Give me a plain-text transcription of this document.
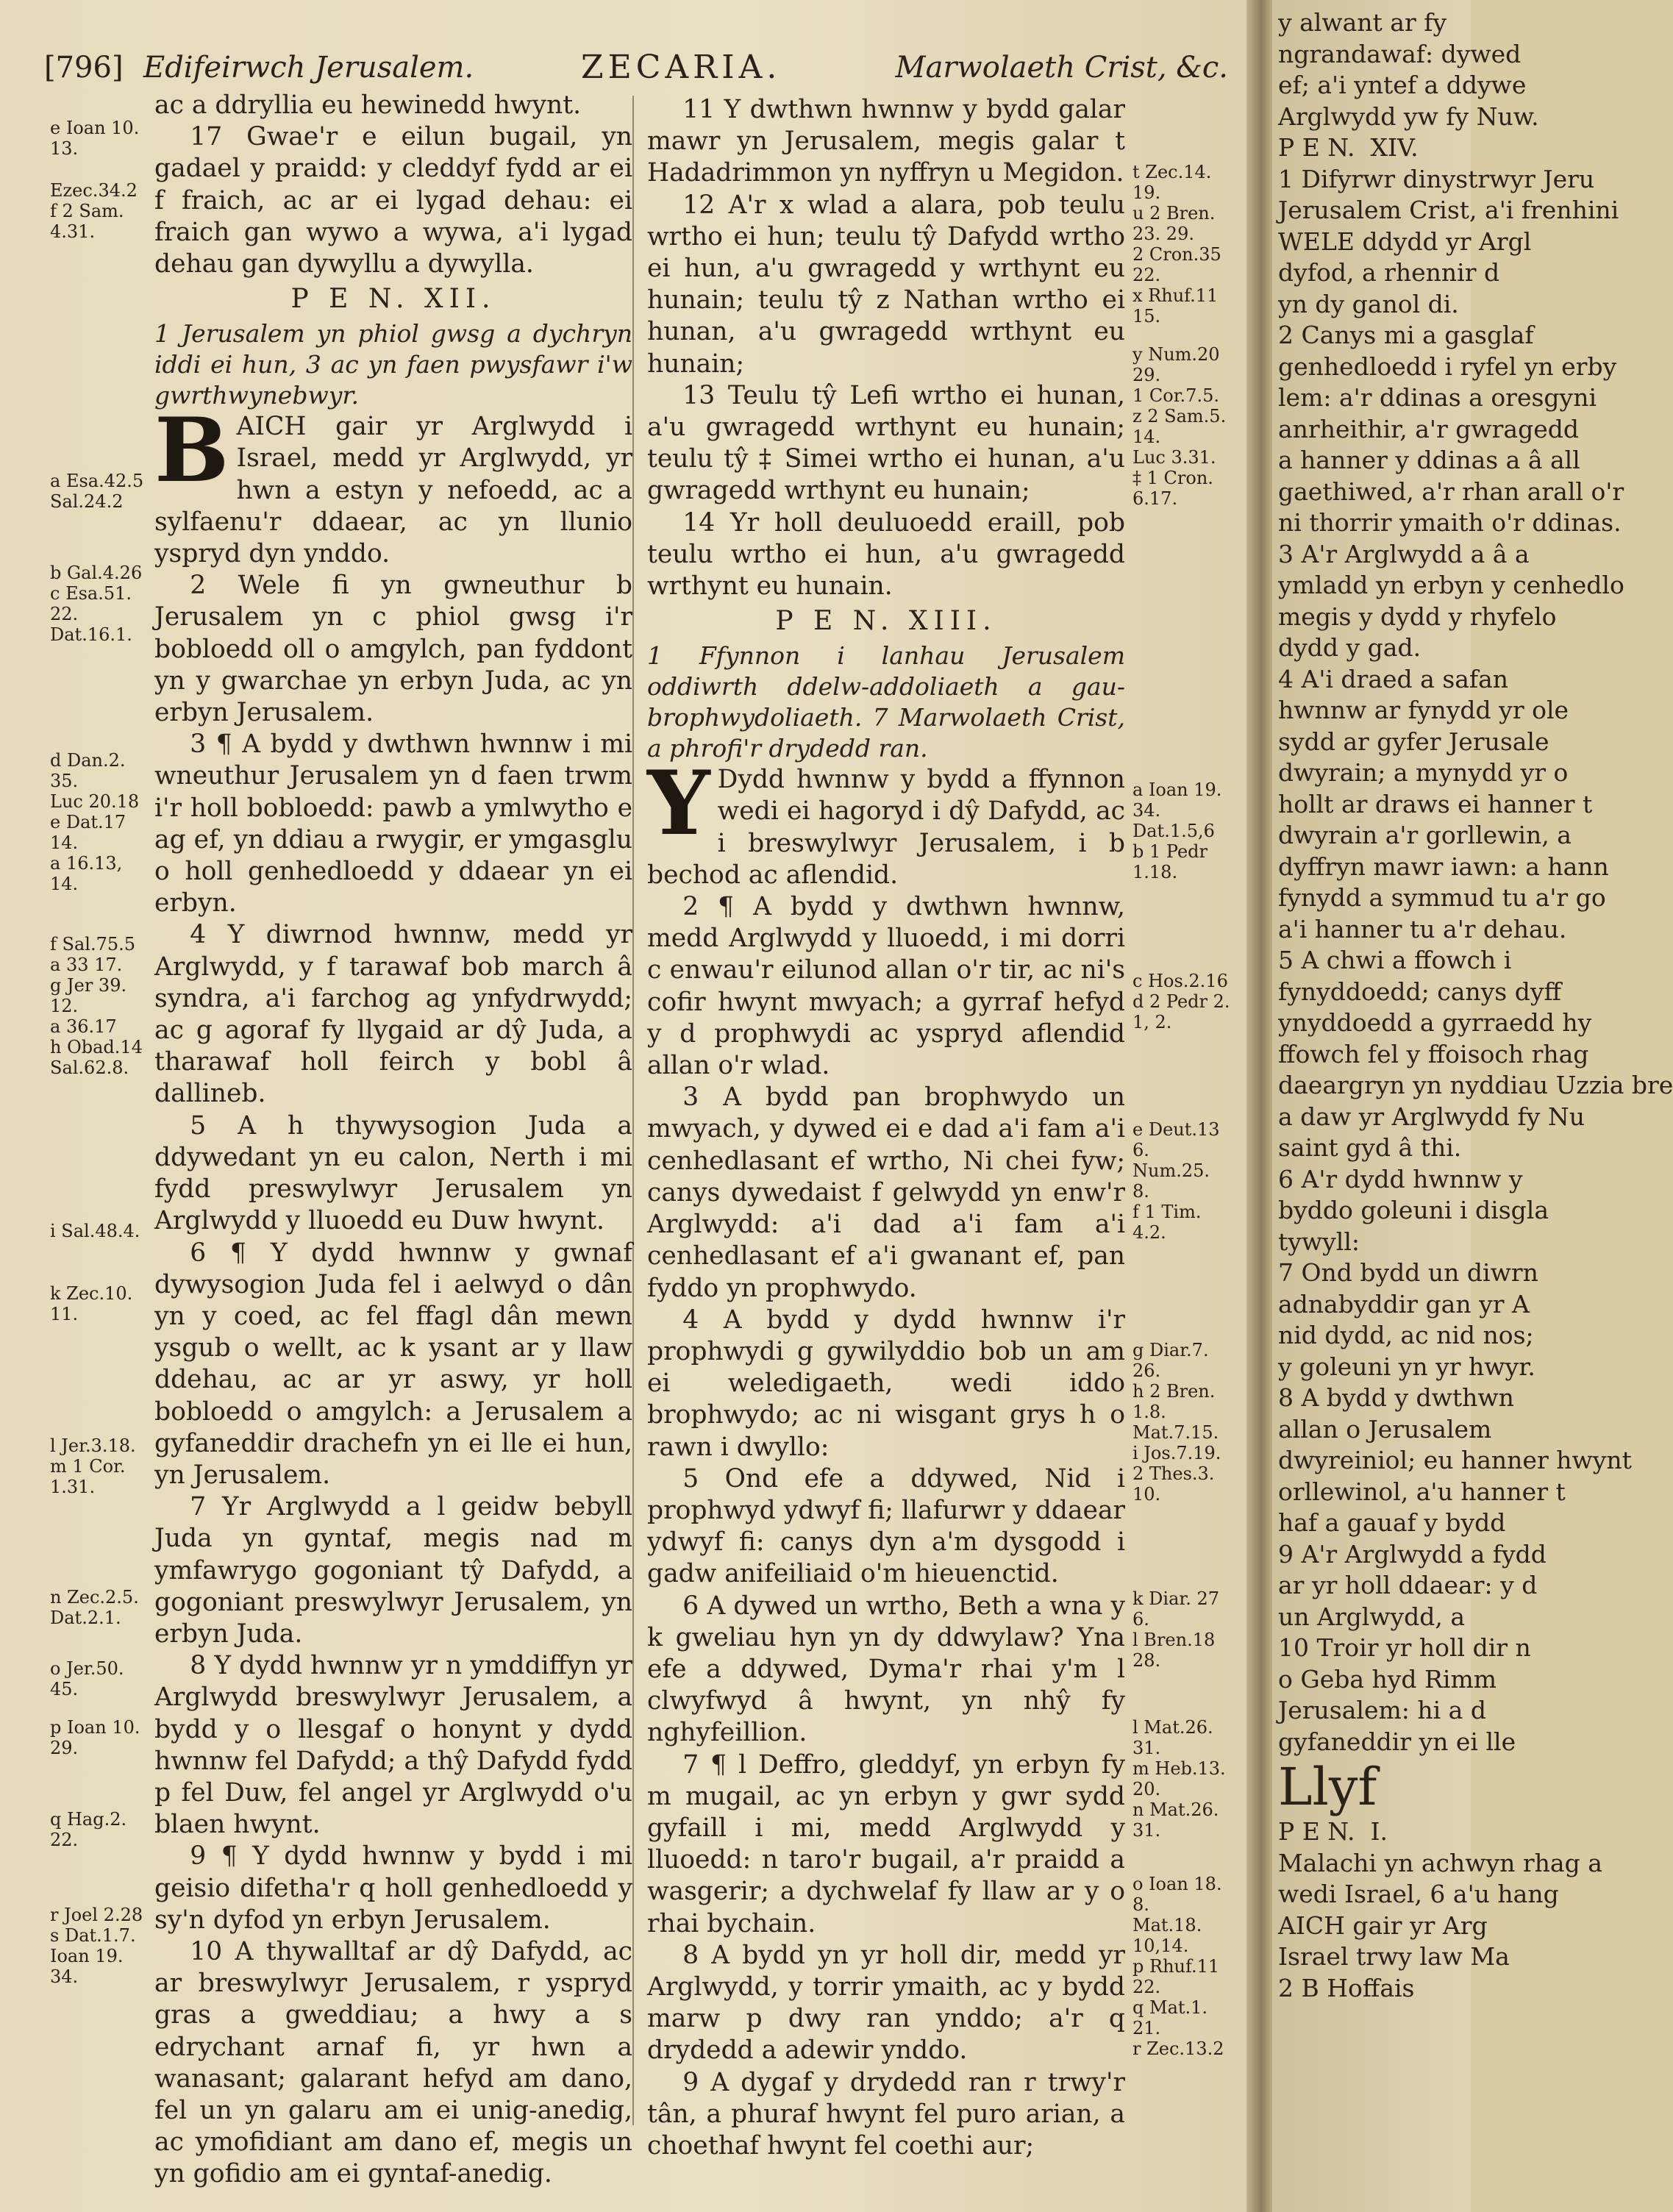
[796] Edifeirwch Jerusalem.	ZECARIA.	Marwolaeth Crist, &c.

ac a ddryllia eu hewinedd hwynt.

17 Gwae'r e eilun bugail, yn gadael y praidd: y cleddyf fydd ar ei f fraich, ac ar ei lygad dehau: ei fraich gan wywo a wywa, a'i lygad dehau gan dywyllu a dywylla.

P E N. XII.

1 Jerusalem yn phiol gwsg a dychryn iddi ei hun, 3 ac yn faen pwysfawr i'w gwrthwynebwyr.

BAICH gair yr Arglwydd i Israel, medd yr Arglwydd, yr hwn a estyn y nefoedd, ac a sylfaenu'r ddaear, ac yn llunio yspryd dyn ynddo.

2 Wele fi yn gwneuthur b Jerusalem yn c phiol gwsg i'r bobloedd oll o amgylch, pan fyddont yn y gwarchae yn erbyn Juda, ac yn erbyn Jerusalem.

3 ¶ A bydd y dwthwn hwnnw i mi wneuthur Jerusalem yn d faen trwm i'r holl bobloedd: pawb a ymlwytho e ag ef, yn ddiau a rwygir, er ymgasglu o holl genhedloedd y ddaear yn ei erbyn.

4 Y diwrnod hwnnw, medd yr Arglwydd, y f tarawaf bob march â syndra, a'i farchog ag ynfydrwydd; ac g agoraf fy llygaid ar dŷ Juda, a tharawaf holl feirch y bobl â dallineb.

5 A h thywysogion Juda a ddywedant yn eu calon, Nerth i mi fydd preswylwyr Jerusalem yn Arglwydd y lluoedd eu Duw hwynt.

6 ¶ Y dydd hwnnw y gwnaf dywysogion Juda fel i aelwyd o dân yn y coed, ac fel ffagl dân mewn ysgub o wellt, ac k ysant ar y llaw ddehau, ac ar yr aswy, yr holl bobloedd o amgylch: a Jerusalem a gyfaneddir drachefn yn ei lle ei hun, yn Jerusalem.

7 Yr Arglwydd a l geidw bebyll Juda yn gyntaf, megis nad m ymfawrygo gogoniant tŷ Dafydd, a gogoniant preswylwyr Jerusalem, yn erbyn Juda.

8 Y dydd hwnnw yr n ymddiffyn yr Arglwydd breswylwyr Jerusalem, a bydd y o llesgaf o honynt y dydd hwnnw fel Dafydd; a thŷ Dafydd fydd p fel Duw, fel angel yr Arglwydd o'u blaen hwynt.

9 ¶ Y dydd hwnnw y bydd i mi geisio difetha'r q holl genhedloedd y sy'n dyfod yn erbyn Jerusalem.

10 A thywalltaf ar dŷ Dafydd, ac ar breswylwyr Jerusalem, r yspryd gras a gweddiau; a hwy a s edrychant arnaf fi, yr hwn a wanasant; galarant hefyd am dano, fel un yn galaru am ei unig-anedig, ac ymofidiant am dano ef, megis un yn gofidio am ei gyntaf-anedig.

11 Y dwthwn hwnnw y bydd galar mawr yn Jerusalem, megis galar t Hadadrimmon yn nyffryn u Megidon.

12 A'r x wlad a alara, pob teulu wrtho ei hun; teulu tŷ Dafydd wrtho ei hun, a'u gwragedd y wrthynt eu hunain; teulu tŷ z Nathan wrtho ei hunan, a'u gwragedd wrthynt eu hunain;

13 Teulu tŷ Lefi wrtho ei hunan, a'u gwragedd wrthynt eu hunain; teulu tŷ ‡ Simei wrtho ei hunan, a'u gwragedd wrthynt eu hunain;

14 Yr holl deuluoedd eraill, pob teulu wrtho ei hun, a'u gwragedd wrthynt eu hunain.

P E N. XIII.

1 Ffynnon i lanhau Jerusalem oddiwrth ddelw-addoliaeth a gau-brophwydoliaeth. 7 Marwolaeth Crist, a phrofi'r drydedd ran.

Y Dydd hwnnw y bydd a ffynnon wedi ei hagoryd i dŷ Dafydd, ac i breswylwyr Jerusalem, i b bechod ac aflendid.

2 ¶ A bydd y dwthwn hwnnw, medd Arglwydd y lluoedd, i mi dorri c enwau'r eilunod allan o'r tir, ac ni's cofir hwynt mwyach; a gyrraf hefyd y d prophwydi ac yspryd aflendid allan o'r wlad.

3 A bydd pan brophwydo un mwyach, y dywed ei e dad a'i fam a'i cenhedlasant ef wrtho, Ni chei fyw; canys dywedaist f gelwydd yn enw'r Arglwydd: a'i dad a'i fam a'i cenhedlasant ef a'i gwanant ef, pan fyddo yn prophwydo.

4 A bydd y dydd hwnnw i'r prophwydi g gywilyddio bob un am ei weledigaeth, wedi iddo brophwydo; ac ni wisgant grys h o rawn i dwyllo:

5 Ond efe a ddywed, Nid i prophwyd ydwyf fi; llafurwr y ddaear ydwyf fi: canys dyn a'm dysgodd i gadw anifeiliaid o'm hieuenctid.

6 A dywed un wrtho, Beth a wna y k gweliau hyn yn dy ddwylaw? Yna efe a ddywed, Dyma'r rhai y'm l clwyfwyd â hwynt, yn nhŷ fy nghyfeillion.

7 ¶ l Deffro, gleddyf, yn erbyn fy m mugail, ac yn erbyn y gwr sydd gyfaill i mi, medd Arglwydd y lluoedd: n taro'r bugail, a'r praidd a wasgerir; a dychwelaf fy llaw ar y o rhai bychain.

8 A bydd yn yr holl dir, medd yr Arglwydd, y torrir ymaith, ac y bydd marw p dwy ran ynddo; a'r q drydedd a adewir ynddo.

9 A dygaf y drydedd ran r trwy'r tân, a phuraf hwynt fel puro arian, a choethaf hwynt fel coethi aur;

e Ioan 10.
13.
Ezec.34.2
f 2 Sam.
4.31.
a Esa.42.5
Sal.24.2
b Gal.4.26
c Esa.51.
22.
Dat.16.1.
d Dan.2.
35.
Luc 20.18
e Dat.17
14.
a 16.13,
14.
f Sal.75.5
a 33 17.
g Jer 39.
12.
a 36.17
h Obad.14
Sal.62.8.
i Sal.48.4.
k Zec.10.
11.
l Jer.3.18.
m 1 Cor.
1.31.
n Zec.2.5.
Dat.2.1.
o Jer.50.
45.
p Ioan 10.
29.
q Hag.2.
22.
r Joel 2.28
s Dat.1.7.
Ioan 19.
34.
t Zec.14.
19.
u 2 Bren.
23. 29.
2 Cron.35
22.
x Rhuf.11
15.
y Num.20
29.
1 Cor.7.5.
z 2 Sam.5.
14.
Luc 3.31.
‡ 1 Cron.
6.17.
a Ioan 19.
34.
Dat.1.5,6
b 1 Pedr
1.18.
c Hos.2.16
d 2 Pedr 2.
1, 2.
e Deut.13
6.
Num.25.
8.
f 1 Tim.
4.2.
g Diar.7.
26.
h 2 Bren.
1.8.
Mat.7.15.
i Jos.7.19.
2 Thes.3.
10.
k Diar. 27
6.
l Bren.18
28.
l Mat.26.
31.
m Heb.13.
20.
n Mat.26.
31.
o Ioan 18.
8.
Mat.18.
10,14.
p Rhuf.11
22.
q Mat.1.
21.
r Zec.13.2
y alwant ar fy
ngrandawaf: dywed
ef; a'i yntef a ddywe
Arglwydd yw fy Nuw.
P E N.  XIV.
1 Difyrwr dinystrwyr Jeru
Jerusalem Crist, a'i frenhini
WELE ddydd yr Argl
dyfod, a rhennir d
yn dy ganol di.
2 Canys mi a gasglaf
genhedloedd i ryfel yn erby
lem: a'r ddinas a oresgyni
anrheithir, a'r gwragedd
a hanner y ddinas a â all
gaethiwed, a'r rhan arall o'r
ni thorrir ymaith o'r ddinas.
3 A'r Arglwydd a â a
ymladd yn erbyn y cenhedlo
megis y dydd y rhyfelo
dydd y gad.
4 A'i draed a safan
hwnnw ar fynydd yr ole
sydd ar gyfer Jerusale
dwyrain; a mynydd yr o
hollt ar draws ei hanner t
dwyrain a'r gorllewin, a
dyffryn mawr iawn: a hann
fynydd a symmud tu a'r go
a'i hanner tu a'r dehau.
5 A chwi a ffowch i
fynyddoedd; canys dyff
ynyddoedd a gyrraedd hy
ffowch fel y ffoisoch rhag
daeargryn yn nyddiau Uzzia bre
a daw yr Arglwydd fy Nu
saint gyd â thi.
6 A'r dydd hwnnw y
byddo goleuni i disgla
tywyll:
7 Ond bydd un diwrn
adnabyddir gan yr A
nid dydd, ac nid nos;
y goleuni yn yr hwyr.
8 A bydd y dwthwn
allan o Jerusalem
dwyreiniol; eu hanner hwynt
orllewinol, a'u hanner t
haf a gauaf y bydd
9 A'r Arglwydd a fydd
ar yr holl ddaear: y d
un Arglwydd, a
10 Troir yr holl dir n
o Geba hyd Rimm
Jerusalem: hi a d
gyfaneddir yn ei lle
Llyf
P E N.  I.
Malachi yn achwyn rhag a
wedi Israel, 6 a'u hang
AICH gair yr Arg
Israel trwy law Ma
2 B Hoffais
